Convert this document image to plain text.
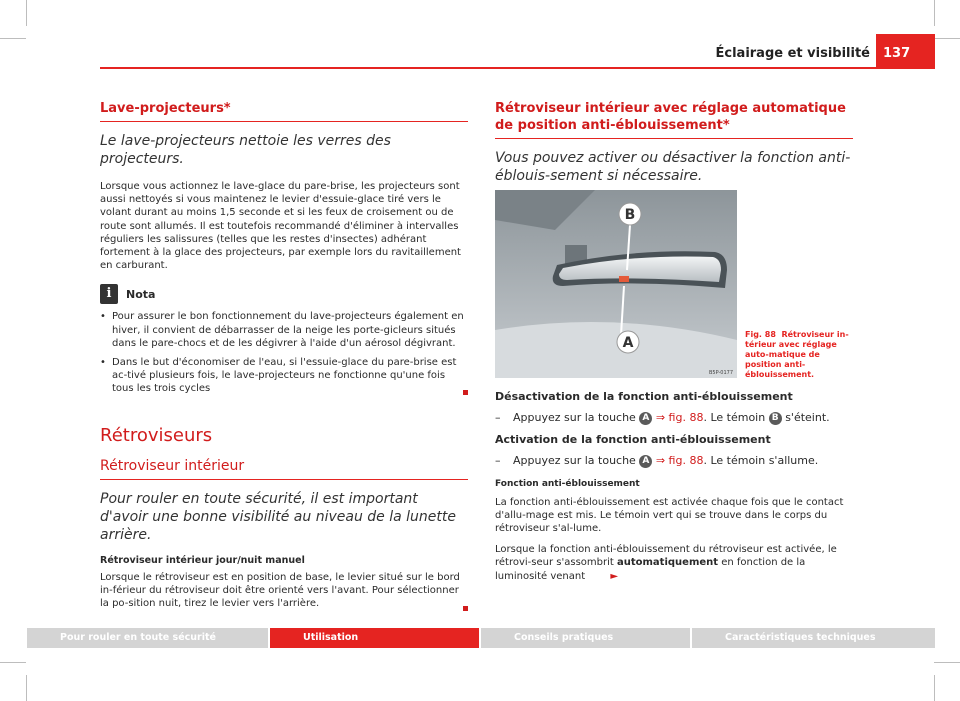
Éclairage et visibilité	137
Lave-projecteurs*

Le lave-projecteurs nettoie les verres des projecteurs.

Lorsque vous actionnez le lave-glace du pare-brise, les projecteurs sont aussi nettoyés si vous maintenez le levier d'essuie-glace tiré vers le volant durant au moins 1,5 seconde et si les feux de croisement ou de route sont allumés. Il est toutefois recommandé d'éliminer à intervalles réguliers les salissures (telles que les restes d'insectes) adhérant fortement à la glace des projecteurs, par exemple lors du ravitaillement en carburant.

i	Nota
• Pour assurer le bon fonctionnement du lave-projecteurs également en hiver, il convient de débarrasser de la neige les porte-gicleurs situés dans le pare-chocs et de les dégivrer à l'aide d'un aérosol dégivrant.
• Dans le but d'économiser de l'eau, si l'essuie-glace du pare-brise est ac-tivé plusieurs fois, le lave-projecteurs ne fonctionne qu'une fois tous les trois cycles
Rétroviseurs
Rétroviseur intérieur

Pour rouler en toute sécurité, il est important d'avoir une bonne visibilité au niveau de la lunette arrière.

Rétroviseur intérieur jour/nuit manuel

Lorsque le rétroviseur est en position de base, le levier situé sur le bord in-férieur du rétroviseur doit être orienté vers l'avant. Pour sélectionner la po-sition nuit, tirez le levier vers l'arrière.

Rétroviseur intérieur avec réglage automatique de position anti-éblouissement*

Vous pouvez activer ou désactiver la fonction anti-éblouis-sement si nécessaire.

B
A
B5P-0177
Fig. 88 Rétroviseur in-térieur avec réglage auto-matique de position anti-éblouissement.

Désactivation de la fonction anti-éblouissement

–	Appuyez sur la touche A ⇒ fig. 88. Le témoin B s'éteint.

Activation de la fonction anti-éblouissement

–	Appuyez sur la touche A ⇒ fig. 88. Le témoin s'allume.

Fonction anti-éblouissement

La fonction anti-éblouissement est activée chaque fois que le contact d'allu-mage est mis. Le témoin vert qui se trouve dans le corps du rétroviseur s'al-lume.

Lorsque la fonction anti-éblouissement du rétroviseur est activée, le rétrovi-seur s'assombrit automatiquement en fonction de la luminosité venant	►

Pour rouler en toute sécurité	Utilisation	Conseils pratiques	Caractéristiques techniques
